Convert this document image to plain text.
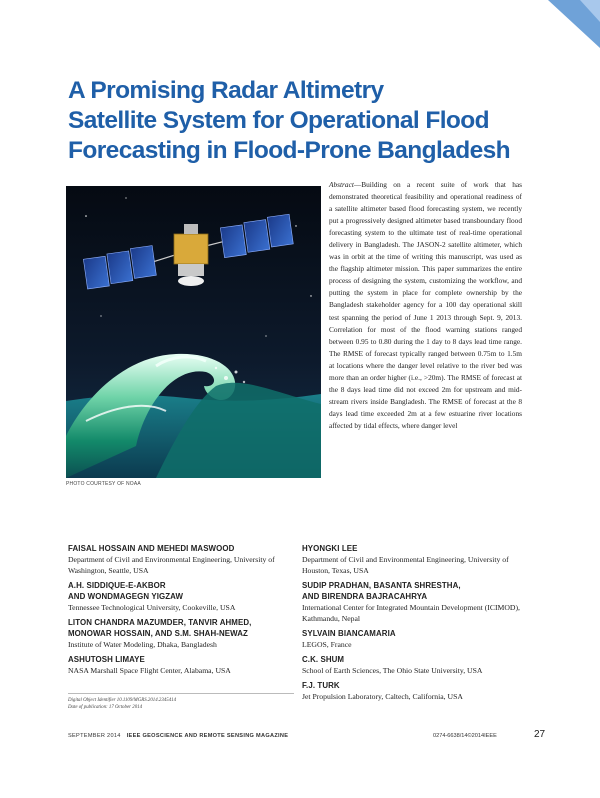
A Promising Radar Altimetry
Satellite System for Operational Flood
Forecasting in Flood-Prone Bangladesh
PHOTO COURTESY OF NOAA

Abstract—Building on a recent suite of work that has demonstrated theoretical feasibility and operational readiness of a satellite altimeter based flood forecasting system, we recently put a progressively designed altimeter based transboundary flood forecasting system to the ultimate test of real-time operational delivery in Bangladesh. The JASON-2 satellite altimeter, which was in orbit at the time of writing this manuscript, was used as the flagship altimeter mission. This paper summarizes the entire process of designing the system, customizing the workflow, and putting the system in place for complete ownership by the Bangladesh stakeholder agency for a 100 day operational skill test spanning the period of June 1 2013 through Sept. 9, 2013. Correlation for most of the flood warning stations ranged between 0.95 to 0.80 during the 1 day to 8 days lead time range. The RMSE of forecast typically ranged between 0.75m to 1.5m at locations where the danger level relative to the river bed was more than an order higher (i.e., >20m). The RMSE of forecast at the 8 days lead time did not exceed 2m for upstream and mid-stream rivers inside Bangladesh. The RMSE of forecast at the 8 days lead time exceeded 2m at a few estuarine river locations affected by tidal effects, where danger level

FAISAL HOSSAIN AND MEHEDI MASWOOD
Department of Civil and Environmental Engineering, University of Washington, Seattle, USA
A.H. SIDDIQUE-E-AKBOR
AND WONDMAGEGN YIGZAW
Tennessee Technological University, Cookeville, USA
LITON CHANDRA MAZUMDER, TANVIR AHMED,
MONOWAR HOSSAIN, AND S.M. SHAH-NEWAZ
Institute of Water Modeling, Dhaka, Bangladesh
ASHUTOSH LIMAYE
NASA Marshall Space Flight Center, Alabama, USA
HYONGKI LEE
Department of Civil and Environmental Engineering, University of Houston, Texas, USA
SUDIP PRADHAN, BASANTA SHRESTHA,
AND BIRENDRA BAJRACAHRYA
International Center for Integrated Mountain Development (ICIMOD), Kathmandu, Nepal
SYLVAIN BIANCAMARIA
LEGOS, France
C.K. SHUM
School of Earth Sciences, The Ohio State University, USA
F.J. TURK
Jet Propulsion Laboratory, Caltech, California, USA
Digital Object Identifier 10.1109/MGRS.2014.2345414
Date of publication: 17 October 2014
SEPTEMBER 2014 IEEE GEOSCIENCE AND REMOTE SENSING MAGAZINE	0274-6638/14©2014IEEE	27
